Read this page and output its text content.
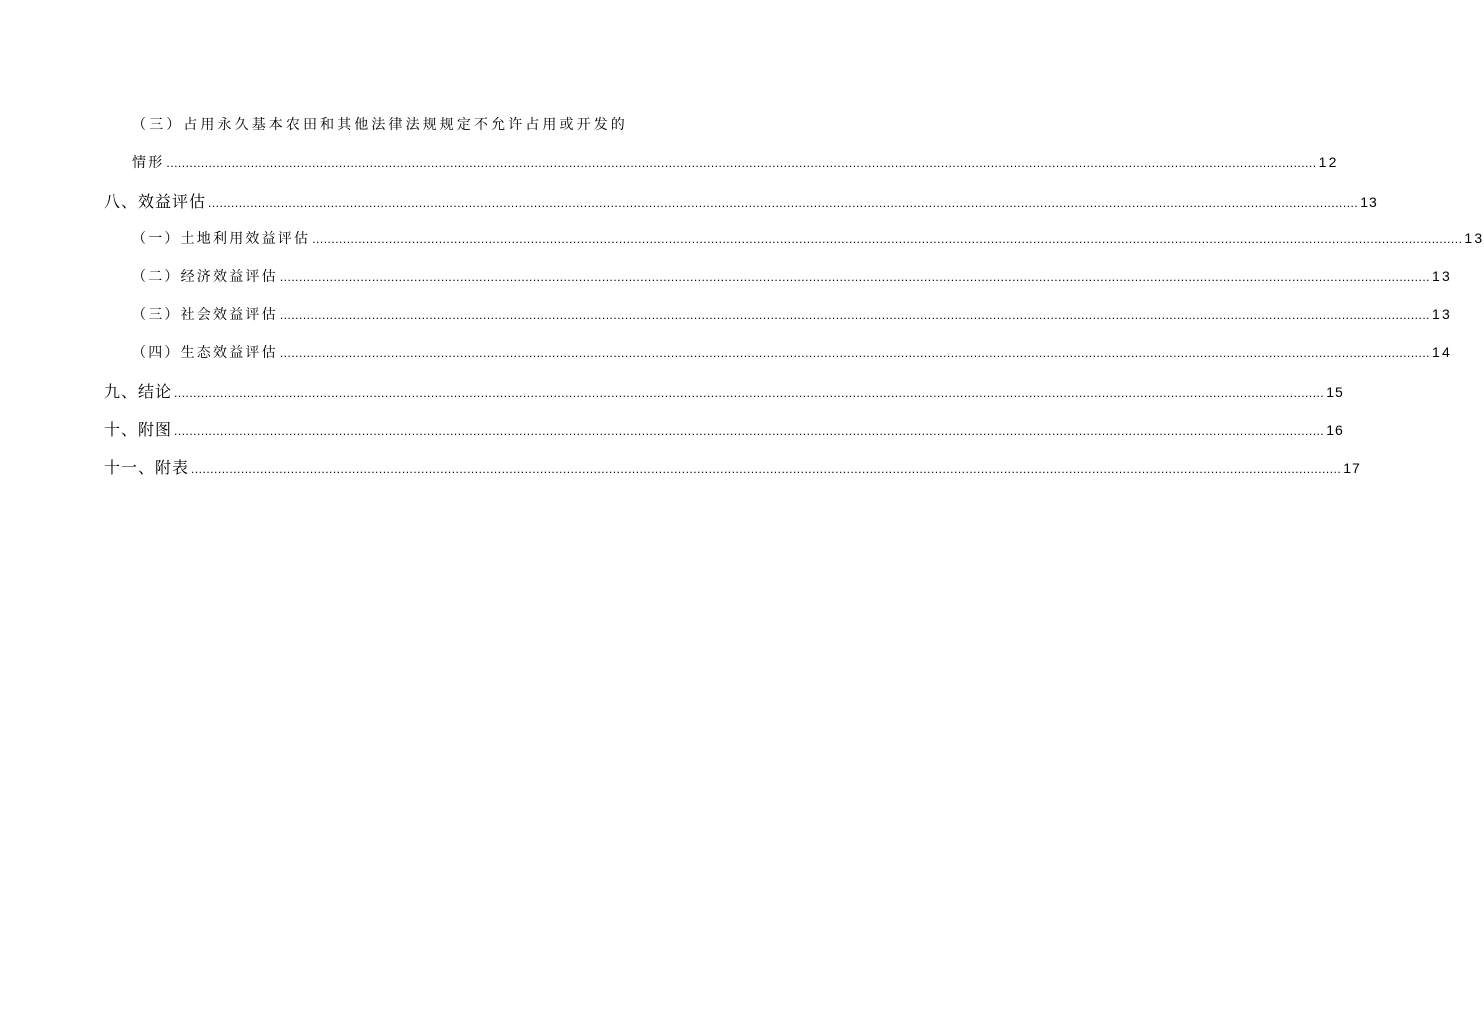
（三）占用永久基本农田和其他法律法规规定不允许占用或开发的
情形 ............................................................................................................................................................................................................................................................................................................ 12
八、效益评估 ............................................................................................................................................................................................................................................................................................................ 13
（一）土地利用效益评估 ............................................................................................................................................................................................................................................................................................................ 13
（二）经济效益评估 ............................................................................................................................................................................................................................................................................................................ 13
（三）社会效益评估 ............................................................................................................................................................................................................................................................................................................ 13
（四）生态效益评估 ............................................................................................................................................................................................................................................................................................................ 14
九、结论 ............................................................................................................................................................................................................................................................................................................ 15
十、附图 ............................................................................................................................................................................................................................................................................................................ 16
十一、附表 ............................................................................................................................................................................................................................................................................................................ 17
